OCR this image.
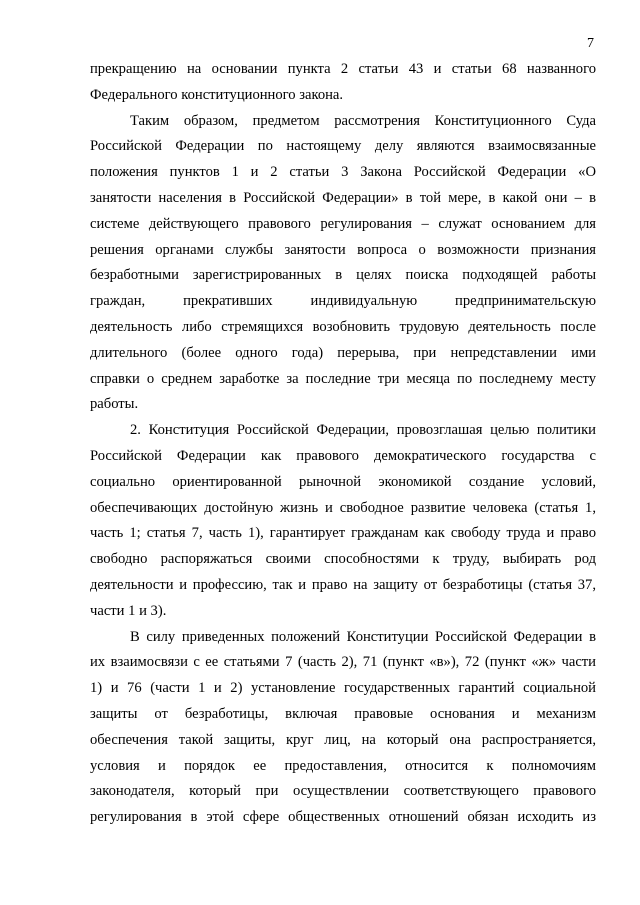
7
прекращению на основании пункта 2 статьи 43 и статьи 68 названного
Федерального конституционного закона.
Таким образом, предметом рассмотрения Конституционного Суда
Российской Федерации по настоящему делу являются взаимосвязанные
положения пунктов 1 и 2 статьи 3 Закона Российской Федерации «О
занятости населения в Российской Федерации» в той мере, в какой они – в
системе действующего правового регулирования – служат основанием для
решения органами службы занятости вопроса о возможности признания
безработными зарегистрированных в целях поиска подходящей работы
граждан, прекративших индивидуальную предпринимательскую
деятельность либо стремящихся возобновить трудовую деятельность после
длительного (более одного года) перерыва, при непредставлении ими
справки о среднем заработке за последние три месяца по последнему месту
работы.
2. Конституция Российской Федерации, провозглашая целью политики
Российской Федерации как правового демократического государства с
социально ориентированной рыночной экономикой создание условий,
обеспечивающих достойную жизнь и свободное развитие человека (статья 1,
часть 1; статья 7, часть 1), гарантирует гражданам как свободу труда и право
свободно распоряжаться своими способностями к труду, выбирать род
деятельности и профессию, так и право на защиту от безработицы (статья 37,
части 1 и 3).
В силу приведенных положений Конституции Российской Федерации в
их взаимосвязи с ее статьями 7 (часть 2), 71 (пункт «в»), 72 (пункт «ж» части
1) и 76 (части 1 и 2) установление государственных гарантий социальной
защиты от безработицы, включая правовые основания и механизм
обеспечения такой защиты, круг лиц, на который она распространяется,
условия и порядок ее предоставления, относится к полномочиям
законодателя, который при осуществлении соответствующего правового
регулирования в этой сфере общественных отношений обязан исходить из
